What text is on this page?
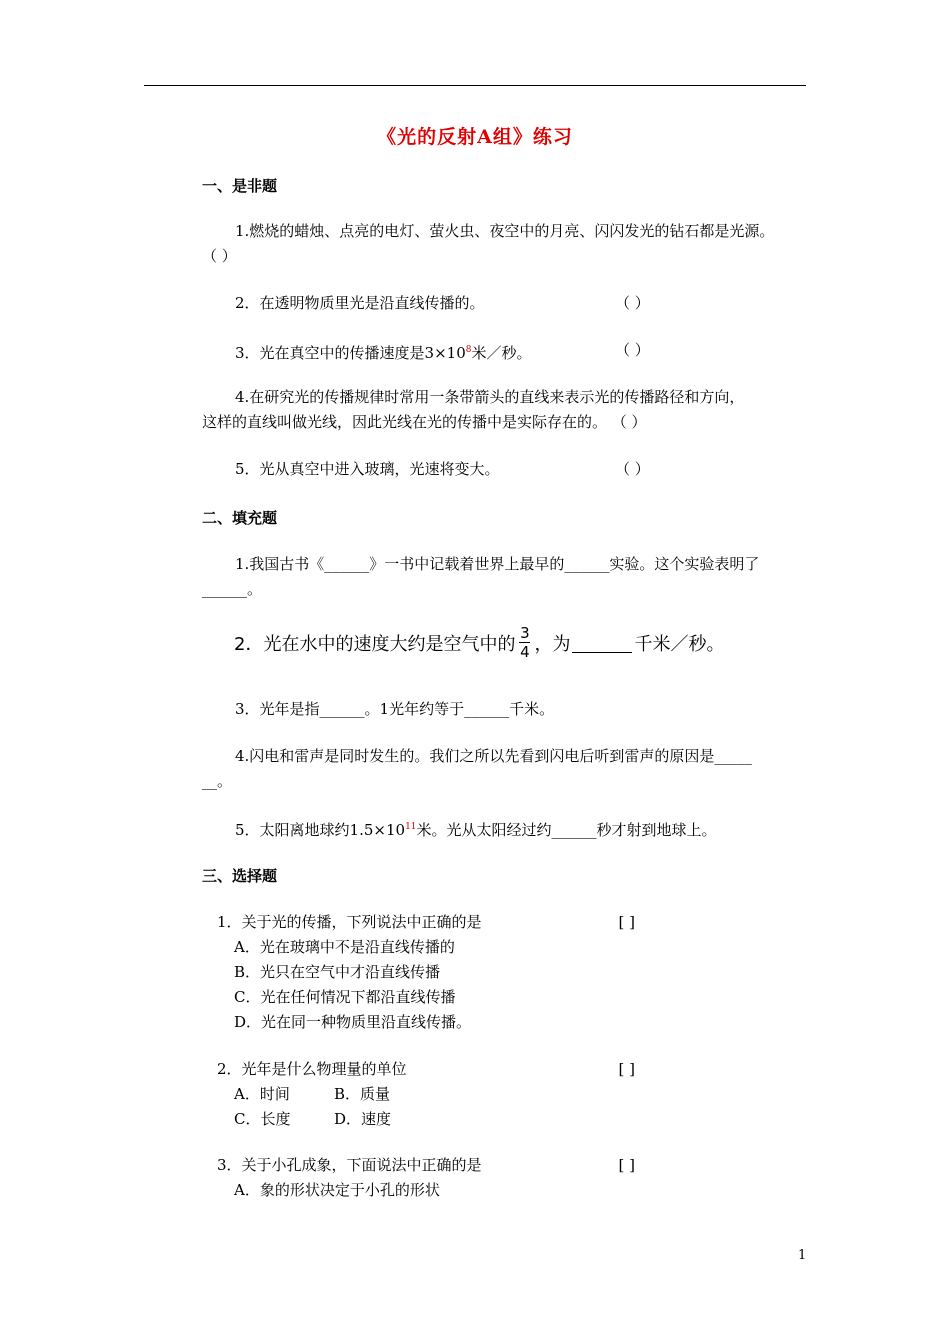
《光的反射A组》练习
一、是非题
1.燃烧的蜡烛、点亮的电灯、萤火虫、夜空中的月亮、闪闪发光的钻石都是光源。
（ ）
2．在透明物质里光是沿直线传播的。	（ ）
3．光在真空中的传播速度是$3\times 10^8$米／秒。	（ ）
4.在研究光的传播规律时常用一条带箭头的直线来表示光的传播路径和方向，
这样的直线叫做光线，因此光线在光的传播中是实际存在的。 （ ）
5．光从真空中进入玻璃，光速将变大。	（ ）
二、填充题
1.我国古书《______》一书中记载着世界上最早的______实验。这个实验表明了
______。
2．光在水中的速度大约是空气中的 $\frac{3}{4}$ ，为	千米／秒。
3．光年是指______。1光年约等于______千米。
4.闪电和雷声是同时发生的。我们之所以先看到闪电后听到雷声的原因是_____
__。
5．太阳离地球约$1.5\times 10^{11}$米。光从太阳经过约______秒才射到地球上。
三、选择题
1．关于光的传播，下列说法中正确的是	[ ]
A．光在玻璃中不是沿直线传播的
B．光只在空气中才沿直线传播
C．光在任何情况下都沿直线传播
D．光在同一种物质里沿直线传播。
2．光年是什么物理量的单位	[ ]
A．时间	B．质量
C．长度	D．速度
3．关于小孔成象，下面说法中正确的是	[ ]
A．象的形状决定于小孔的形状
1
